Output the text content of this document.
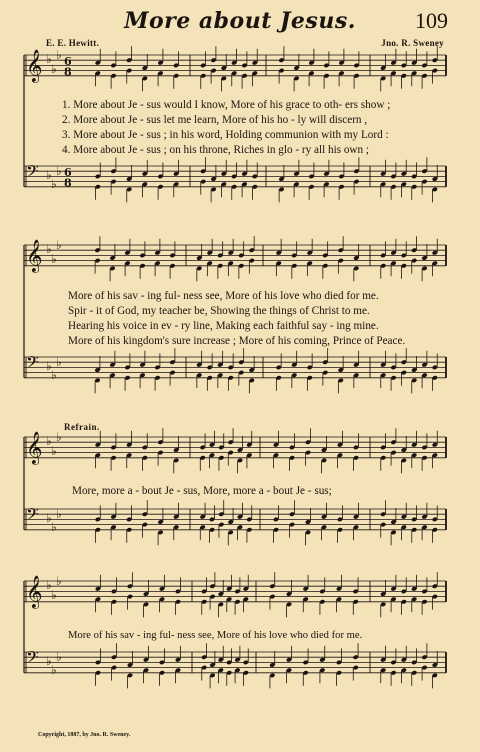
More about Jesus.	109
E. E. Hewitt.	Jno. R. Sweney
𝄞 ♭
♭
♭ 6
8
𝄢 ♭
♭
♭ 6
8
𝄞 ♭
♭
♭
𝄢 ♭
♭
♭
𝄞 ♭
♭
♭
𝄢 ♭
♭
♭
𝄞 ♭
♭
♭
𝄢 ♭
♭
♭
1. More about Je - sus would I know, More of his grace to oth- ers show ;
2. More about Je - sus let me learn, More of his ho - ly will discern ,
3. More about Je - sus ; in his word, Holding communion with my Lord :
4. More about Je - sus ; on his throne, Riches in glo - ry all his own ;
More of his sav - ing ful- ness see, More of his love who died for me.
Spir - it of God, my teacher be, Showing the things of Christ to me.
Hearing his voice in ev - ry line, Making each faithful say - ing mine.
More of his kingdom's sure increase ; More of his coming, Prince of Peace.
Refrain.
More, more a - bout Je - sus, More, more a - bout Je - sus;
More of his sav - ing ful- ness see, More of his love who died for me.
Copyright, 1887, by Jno. R. Sweney.
